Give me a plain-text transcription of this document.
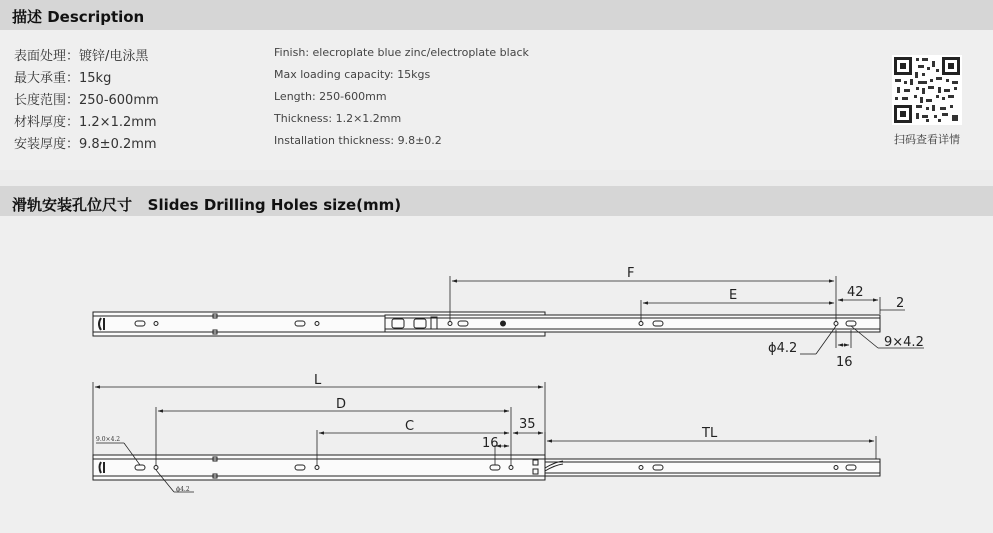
描述 Description
表面处理：镀锌/电泳黑
最大承重：15kg
长度范围：250-600mm
材料厚度：1.2×1.2mm
安装厚度：9.8±0.2mm
Finish: elecroplate blue zinc/electroplate black
Max loading capacity: 15kgs
Length: 250-600mm
Thickness: 1.2×1.2mm
Installation thickness: 9.8±0.2	扫码查看详情
滑轨安装孔位尺寸   Slides Drilling Holes size(mm)
F
E	42
2
ϕ4.2
16
9×4.2
L
D
C	35
16
TL
9.0×4.2
ϕ4.2
